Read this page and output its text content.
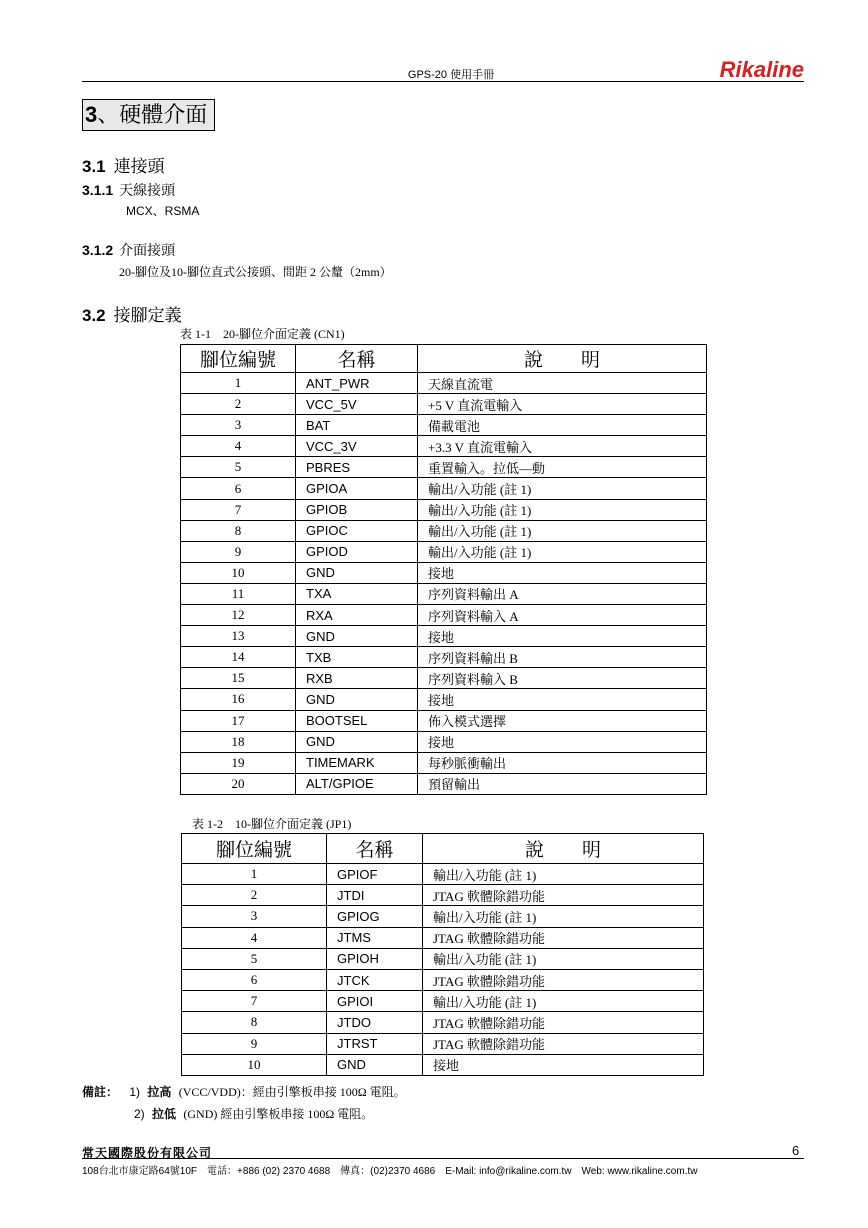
GPS-20 使用手冊	Rikaline
3、硬體介面
3.1 連接頭
3.1.1 天線接頭
MCX、RSMA
3.1.2 介面接頭
20-腳位及10-腳位直式公接頭、間距 2 公釐（2mm）
3.2 接腳定義
表 1-1　20-腳位介面定義 (CN1)
腳位編號	名稱	說　　明
1	ANT_PWR	天線直流電
2	VCC_5V	+5 V 直流電輸入
3	BAT	備載電池
4	VCC_3V	+3.3 V 直流電輸入
5	PBRES	重置輸入。拉低—動
6	GPIOA	輸出/入功能 (註 1)
7	GPIOB	輸出/入功能 (註 1)
8	GPIOC	輸出/入功能 (註 1)
9	GPIOD	輸出/入功能 (註 1)
10	GND	接地
11	TXA	序列資料輸出 A
12	RXA	序列資料輸入 A
13	GND	接地
14	TXB	序列資料輸出 B
15	RXB	序列資料輸入 B
16	GND	接地
17	BOOTSEL	佈入模式選擇
18	GND	接地
19	TIMEMARK	每秒脈衝輸出
20	ALT/GPIOE	預留輸出
表 1-2　10-腳位介面定義 (JP1)
腳位編號	名稱	說　　明
1	GPIOF	輸出/入功能 (註 1)
2	JTDI	JTAG 軟體除錯功能
3	GPIOG	輸出/入功能 (註 1)
4	JTMS	JTAG 軟體除錯功能
5	GPIOH	輸出/入功能 (註 1)
6	JTCK	JTAG 軟體除錯功能
7	GPIOI	輸出/入功能 (註 1)
8	JTDO	JTAG 軟體除錯功能
9	JTRST	JTAG 軟體除錯功能
10	GND	接地
備註： 1) 拉高 (VCC/VDD)：經由引擎板串接 100Ω 電阻。
2) 拉低 (GND) 經由引擎板串接 100Ω 電阻。
常天國際股份有限公司	6
108台北市康定路64號10F　電話：+886 (02) 2370 4688　傳真：(02)2370 4686　E-Mail: info@rikaline.com.tw　Web: www.rikaline.com.tw
